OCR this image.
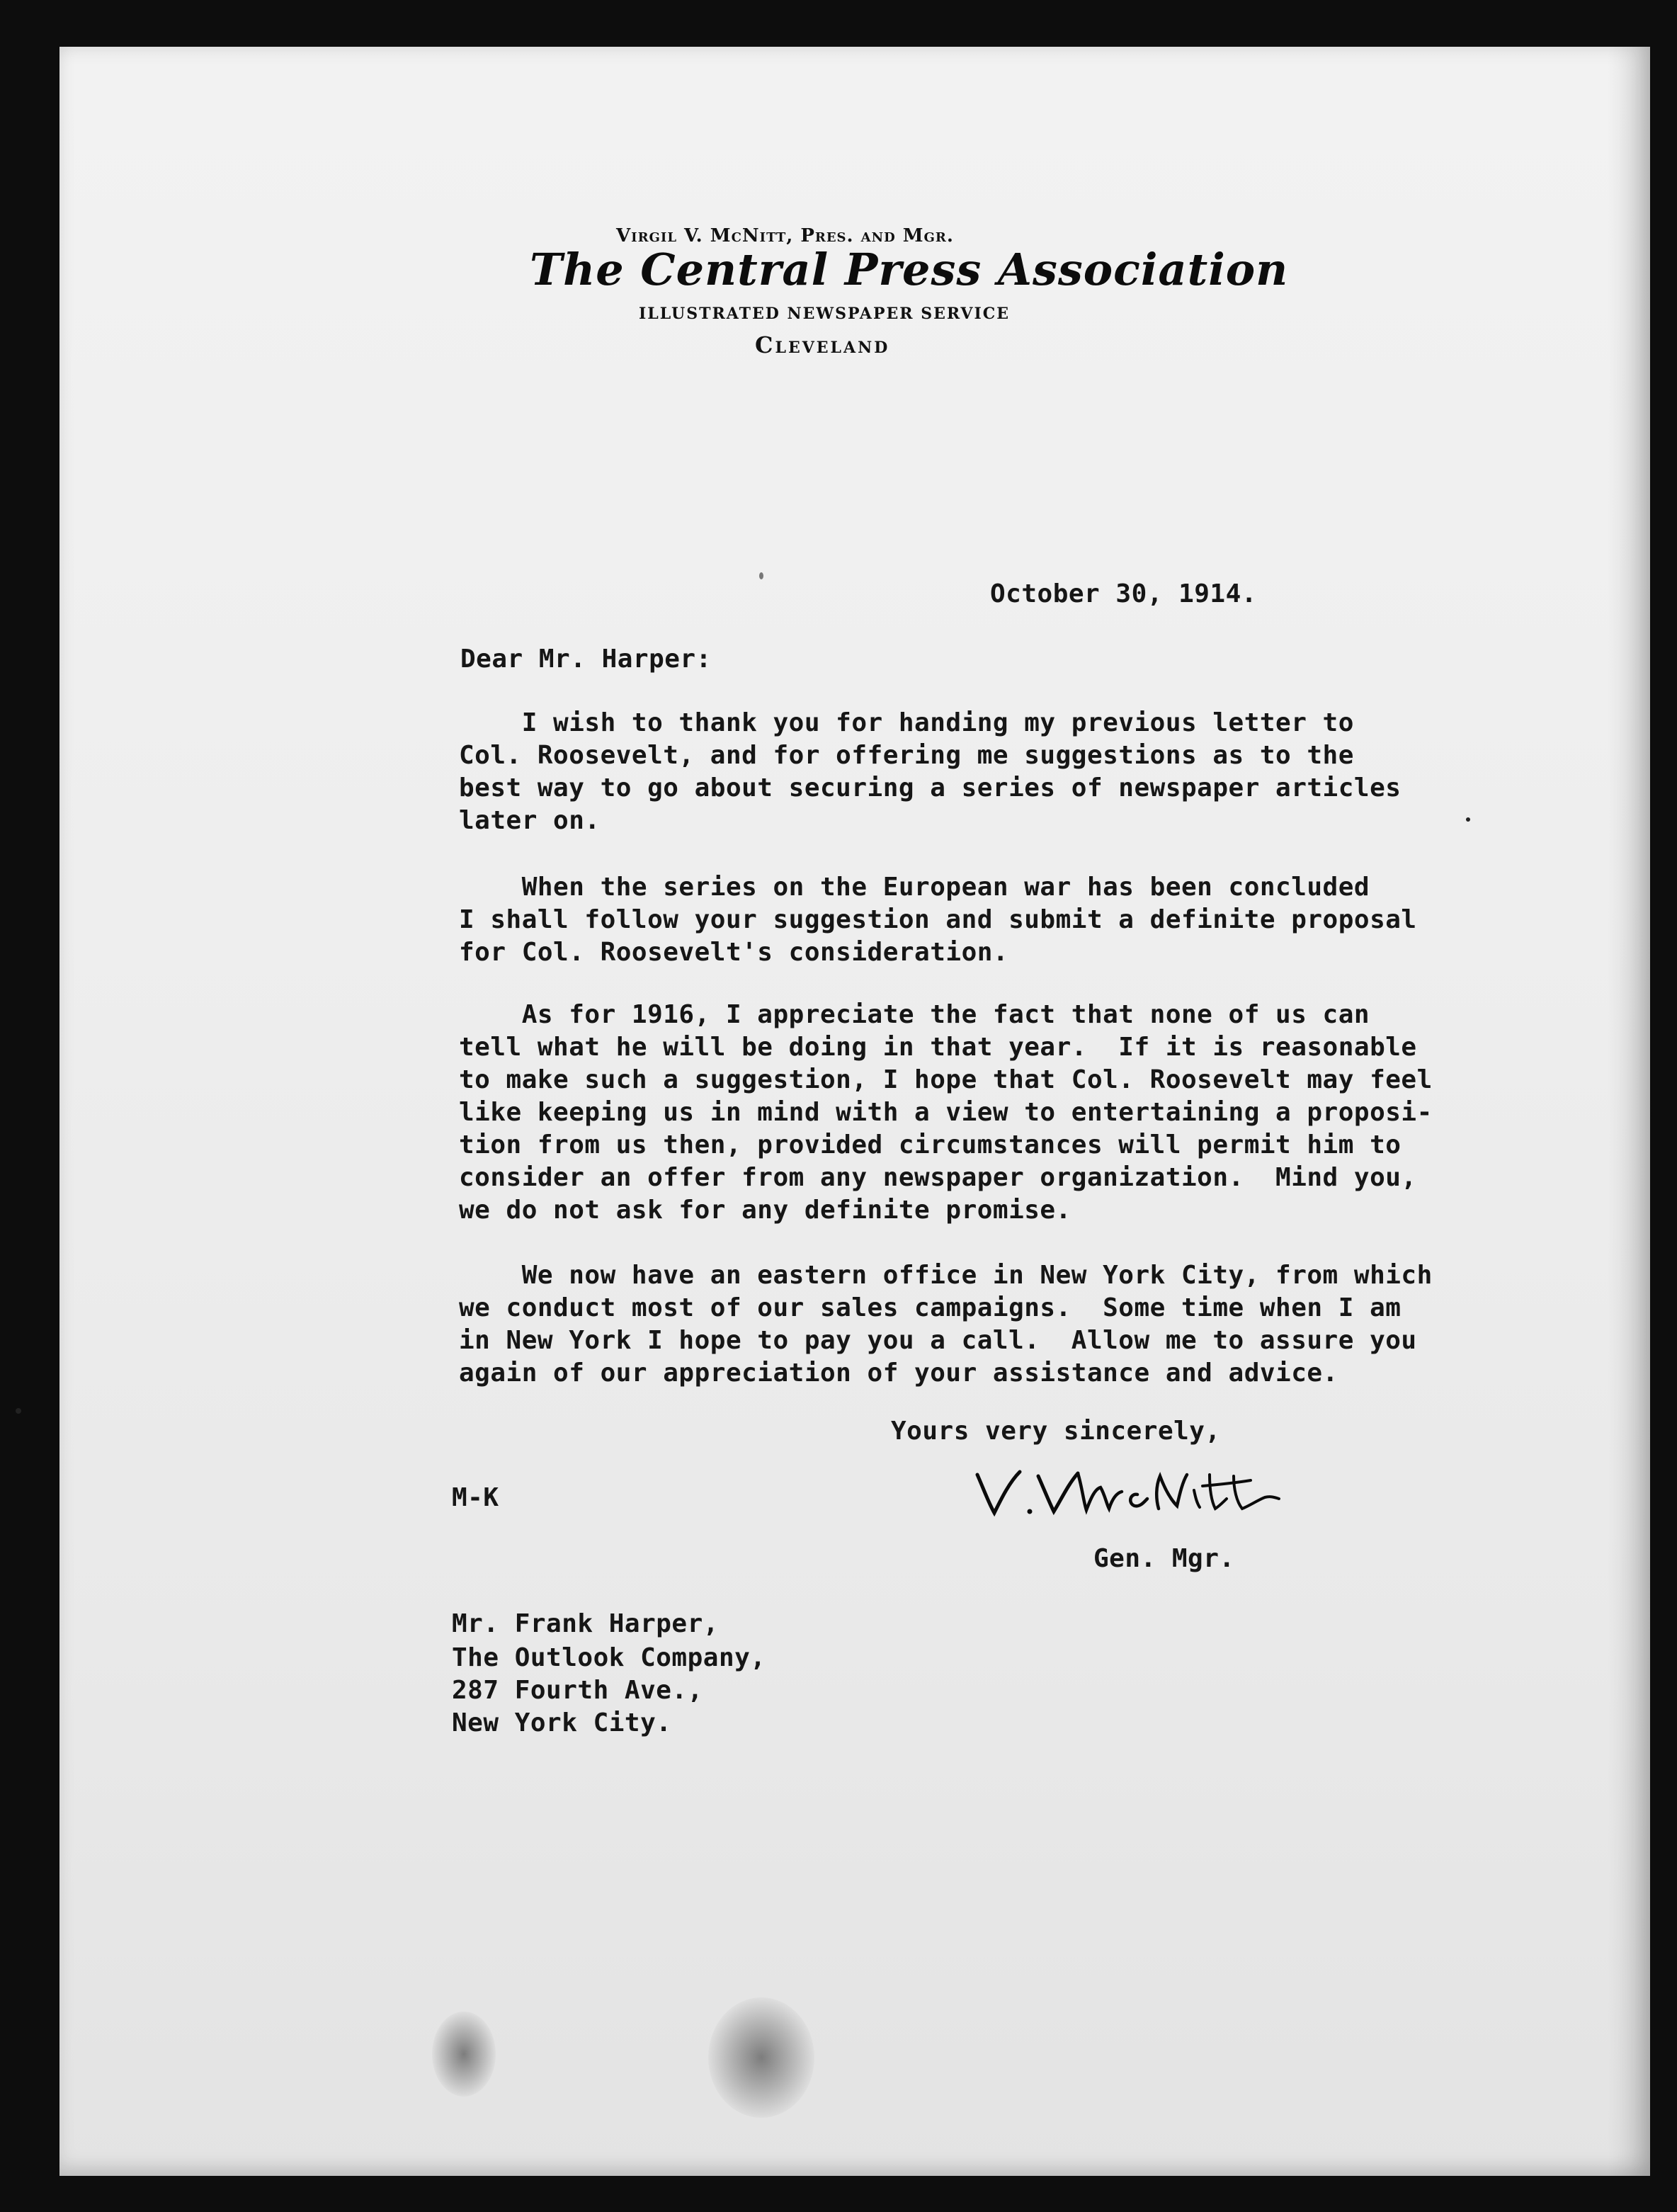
Virgil V. McNitt, Pres. and Mgr.
The Central Press Association
ILLUSTRATED NEWSPAPER SERVICE
Cleveland
October 30, 1914.
Dear Mr. Harper:
I wish to thank you for handing my previous letter to
Col. Roosevelt, and for offering me suggestions as to the
best way to go about securing a series of newspaper articles
later on.
When the series on the European war has been concluded
I shall follow your suggestion and submit a definite proposal
for Col. Roosevelt's consideration.
As for 1916, I appreciate the fact that none of us can
tell what he will be doing in that year.  If it is reasonable
to make such a suggestion, I hope that Col. Roosevelt may feel
like keeping us in mind with a view to entertaining a proposi-
tion from us then, provided circumstances will permit him to
consider an offer from any newspaper organization.  Mind you,
we do not ask for any definite promise.
We now have an eastern office in New York City, from which
we conduct most of our sales campaigns.  Some time when I am
in New York I hope to pay you a call.  Allow me to assure you
again of our appreciation of your assistance and advice.
Yours very sincerely,
M-K
Gen. Mgr.
Mr. Frank Harper,
The Outlook Company,
287 Fourth Ave.,
New York City.
